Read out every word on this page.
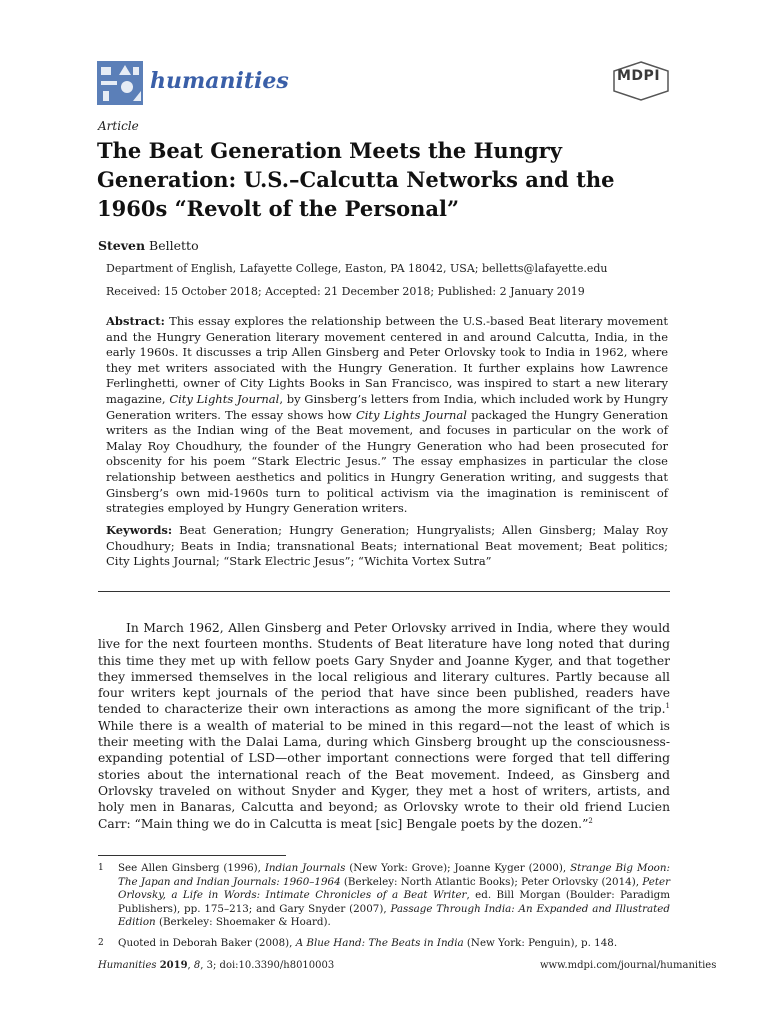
humanities	MDPI
Article
The Beat Generation Meets the Hungry Generation: U.S.–Calcutta Networks and the 1960s “Revolt of the Personal”
Steven Belletto
Department of English, Lafayette College, Easton, PA 18042, USA; belletts@lafayette.edu
Received: 15 October 2018; Accepted: 21 December 2018; Published: 2 January 2019

Abstract: This essay explores the relationship between the U.S.-based Beat literary movement and the Hungry Generation literary movement centered in and around Calcutta, India, in the early 1960s. It discusses a trip Allen Ginsberg and Peter Orlovsky took to India in 1962, where they met writers associated with the Hungry Generation. It further explains how Lawrence Ferlinghetti, owner of City Lights Books in San Francisco, was inspired to start a new literary magazine, City Lights Journal, by Ginsberg’s letters from India, which included work by Hungry Generation writers. The essay shows how City Lights Journal packaged the Hungry Generation writers as the Indian wing of the Beat movement, and focuses in particular on the work of Malay Roy Choudhury, the founder of the Hungry Generation who had been prosecuted for obscenity for his poem “Stark Electric Jesus.” The essay emphasizes in particular the close relationship between aesthetics and politics in Hungry Generation writing, and suggests that Ginsberg’s own mid-1960s turn to political activism via the imagination is reminiscent of strategies employed by Hungry Generation writers.

Keywords: Beat Generation; Hungry Generation; Hungryalists; Allen Ginsberg; Malay Roy Choudhury; Beats in India; transnational Beats; international Beat movement; Beat politics; City Lights Journal; “Stark Electric Jesus”; “Wichita Vortex Sutra”

In March 1962, Allen Ginsberg and Peter Orlovsky arrived in India, where they would live for the next fourteen months. Students of Beat literature have long noted that during this time they met up with fellow poets Gary Snyder and Joanne Kyger, and that together they immersed themselves in the local religious and literary cultures. Partly because all four writers kept journals of the period that have since been published, readers have tended to characterize their own interactions as among the more significant of the trip.$^1$ While there is a wealth of material to be mined in this regard—not the least of which is their meeting with the Dalai Lama, during which Ginsberg brought up the consciousness-expanding potential of LSD—other important connections were forged that tell differing stories about the international reach of the Beat movement. Indeed, as Ginsberg and Orlovsky traveled on without Snyder and Kyger, they met a host of writers, artists, and holy men in Banaras, Calcutta and beyond; as Orlovsky wrote to their old friend Lucien Carr: “Main thing we do in Calcutta is meat [sic] Bengale poets by the dozen.”$^2$

1	See Allen Ginsberg (1996), Indian Journals (New York: Grove); Joanne Kyger (2000), Strange Big Moon: The Japan and Indian Journals: 1960–1964 (Berkeley: North Atlantic Books); Peter Orlovsky (2014), Peter Orlovsky, a Life in Words: Intimate Chronicles of a Beat Writer, ed. Bill Morgan (Boulder: Paradigm Publishers), pp. 175–213; and Gary Snyder (2007), Passage Through India: An Expanded and Illustrated Edition (Berkeley: Shoemaker & Hoard).
2	Quoted in Deborah Baker (2008), A Blue Hand: The Beats in India (New York: Penguin), p. 148.
Humanities 2019, 8, 3; doi:10.3390/h8010003	www.mdpi.com/journal/humanities
